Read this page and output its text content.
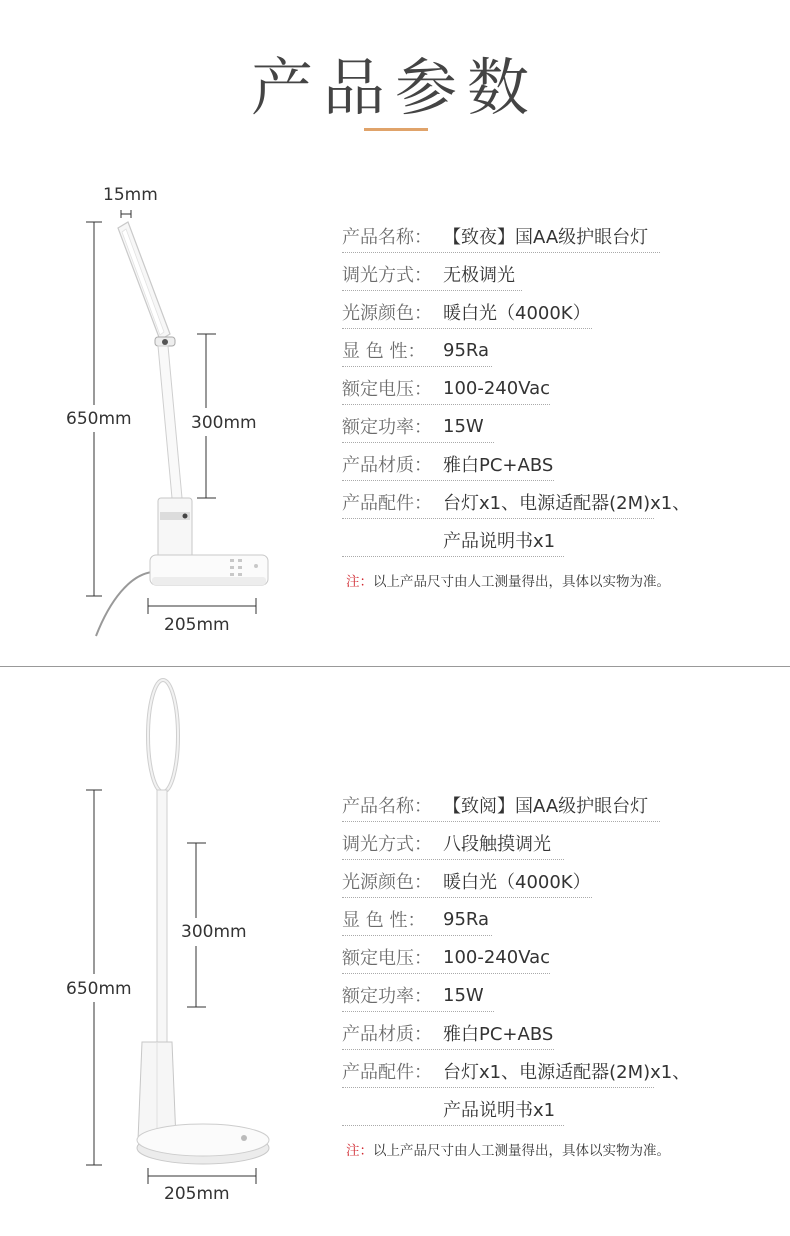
产品参数
15mm
650mm	300mm
205mm
产品名称： 【致夜】国AA级护眼台灯
调光方式： 无极调光
光源颜色： 暖白光（4000K）
显 色 性： 95Ra
额定电压： 100-240Vac
额定功率： 15W
产品材质： 雅白PC+ABS
产品配件： 台灯x1、电源适配器(2M)x1、
产品说明书x1
注：以上产品尺寸由人工测量得出，具体以实物为准。
650mm
300mm
205mm
产品名称： 【致阅】国AA级护眼台灯
调光方式： 八段触摸调光
光源颜色： 暖白光（4000K）
显 色 性： 95Ra
额定电压： 100-240Vac
额定功率： 15W
产品材质： 雅白PC+ABS
产品配件： 台灯x1、电源适配器(2M)x1、
产品说明书x1
注：以上产品尺寸由人工测量得出，具体以实物为准。
